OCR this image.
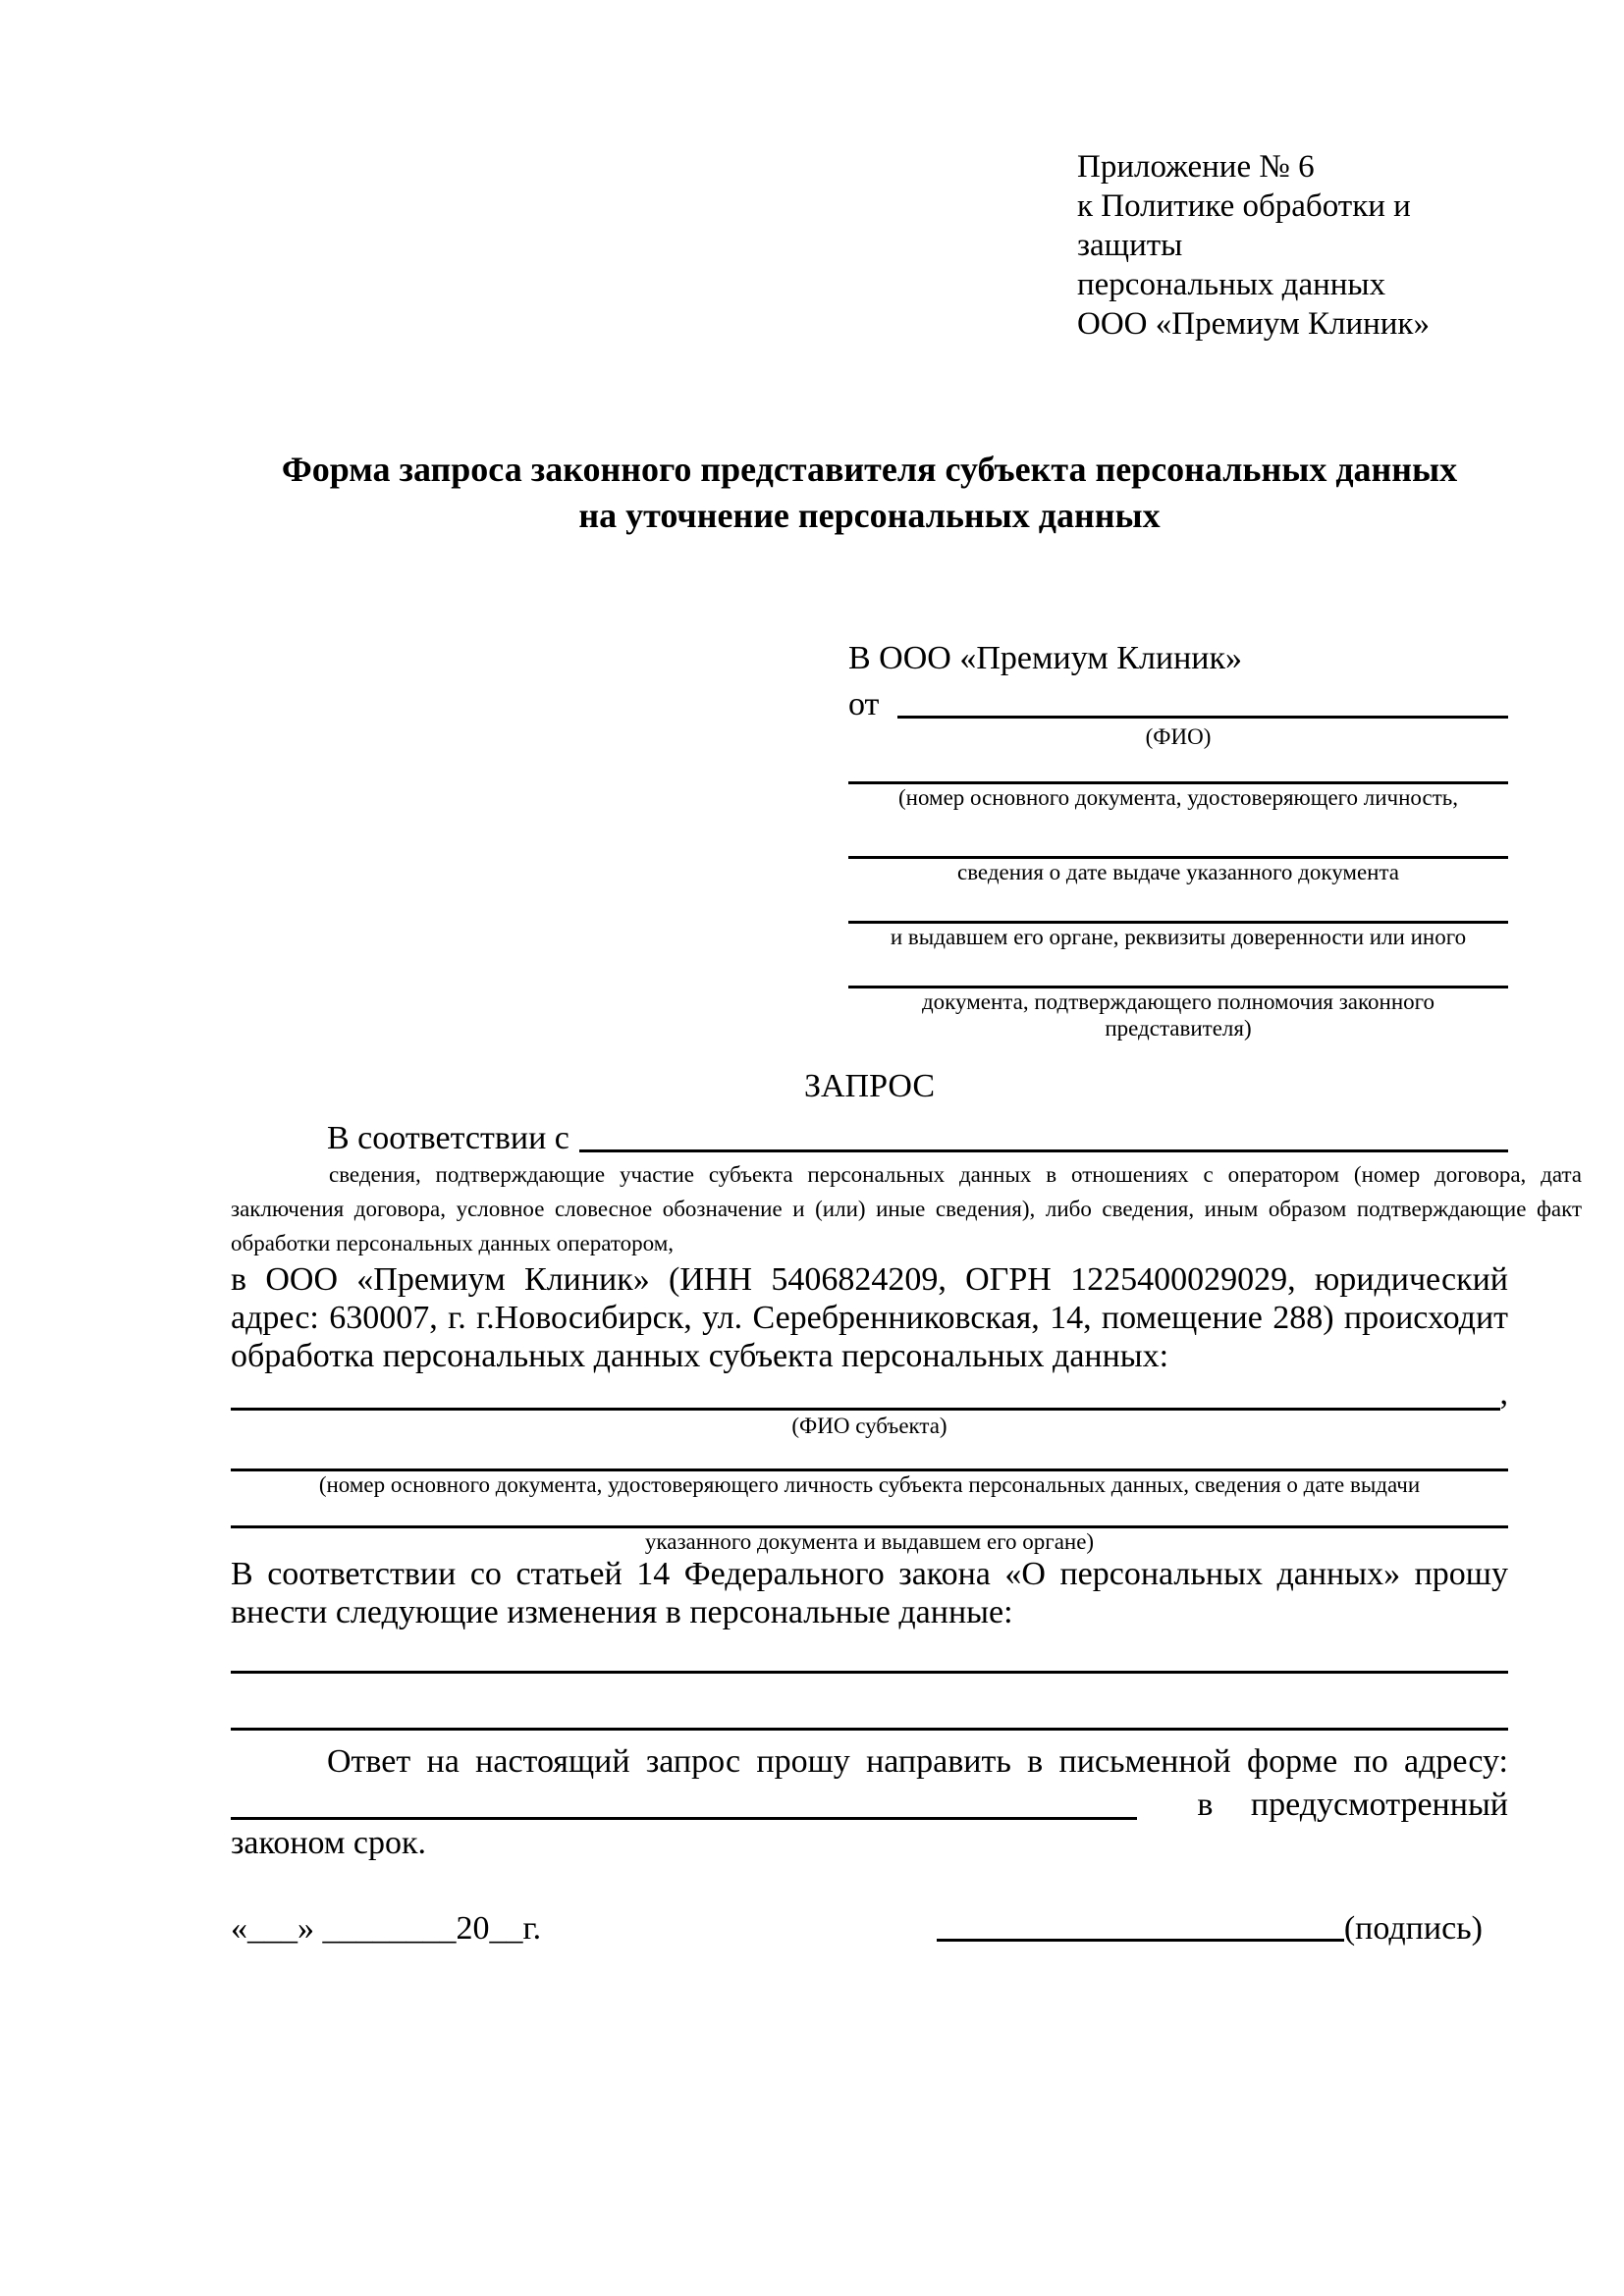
Приложение № 6
к Политике обработки и защиты
персональных данных
ООО «Премиум Клиник»
Форма запроса законного представителя субъекта персональных данных
на уточнение персональных данных
В ООО «Премиум Клиник»
от
(ФИО)
(номер основного документа, удостоверяющего личность,
сведения о дате выдаче указанного документа
и выдавшем его органе, реквизиты доверенности или иного
документа, подтверждающего полномочия законного представителя)
ЗАПРОС
В соответствии с
сведения, подтверждающие участие субъекта персональных данных в отношениях с оператором (номер договора, дата заключения договора, условное словесное обозначение и (или) иные сведения), либо сведения, иным образом подтверждающие факт обработки персональных данных оператором,
в ООО «Премиум Клиник» (ИНН 5406824209, ОГРН 1225400029029, юридический адрес: 630007, г. г.Новосибирск, ул. Серебренниковская, 14, помещение 288) происходит обработка персональных данных субъекта персональных данных:
,
(ФИО субъекта)
(номер основного документа, удостоверяющего личность субъекта персональных данных, сведения о дате выдачи
указанного документа и выдавшем его органе)
В соответствии со статьей 14 Федерального закона «О персональных данных» прошу
внести следующие изменения в персональные данные:
Ответ на настоящий запрос прошу направить в письменной форме по адресу:
в предусмотренный
законом срок.
«___» ________20__г.	(подпись)
